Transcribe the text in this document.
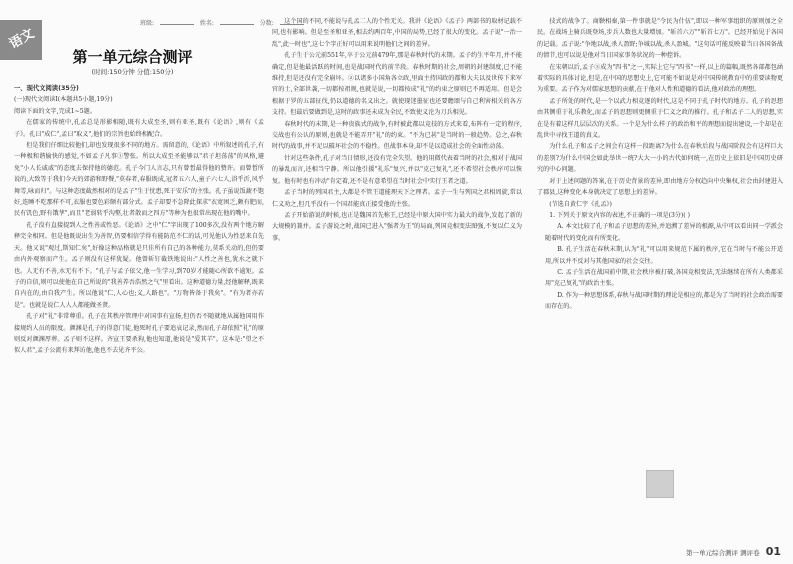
语文
班级:	姓名:	分数:
第一单元综合测评
(时间:150分钟 分值:150分)

一、现代文阅读(35分)

(一)现代文阅读Ⅰ(本题共5小题,19分)

阅读下面的文字,完成1~5题。

在儒家的传统中,孔孟总是形影相随,既有大成至圣,则有亚圣,既有《论语》,则有《孟子》。孔曰"成仁",孟曰"取义",他们的宗旨也始终相配合。

但是我们仔细比较他们,却也发现很多不同的地方。需留意的,《论语》中所叙述的孔子,有一种极和谐愉快的感觉,不如孟子凡事①警张。所以大成至圣能够以"君子坦荡荡"的风格,避免"小人长戚戚"的态度去保持他的德范。孔子今门人言志,只有曾皙最得他的赞许。而曾皙所说的,大致等于我们今天的郊游和野餐,"莫春者,春服既成,冠者五六人,童子六七人,浴乎沂,风乎舞雩,咏而归"。与这种态度截然相对的是孟子"生于忧患,死于安乐"的主张。孔子虽说饭蔬不饱好,连睡不吃那样不可,衣服也要色彩颇有部分式。孟子却要不急降此探求"衣宽困乏,颇有肥而,民有饥色,野有饿莩",而且"老弱转乎沟壑,壮者散而之四方"等种为也很常出现在他的嘴中。

孔子没有直接提到人之性善或性恶。《论语》之中"仁"字出现了100多次,没有两个地方解释完全相同。但是他既说出生为善智,仍要相信学得有能防范不仁的话,可见他认为性恶来自先天。他又说"观过,斯知仁矣",好像这种品格就是只佳所有自己的各种能力,莫系关动的,但仍要由内外观察而产生。孟子则没有这样犹疑。他曾斩钉截铁地说出:"人性之善也,犹水之就下也。人无有不善,水无有不下。"孔子与孟子依父,他一生学习,到70岁才能随心所欲不逾矩。孟子的自信,则可以使他在自己所说的"我善养吾浩然之气"里看出。这种道德力量,经他解释,既来自内在的,由自我产生。所以他说"仁,人心也;义,人路也"。"万物皆备于我矣"。"有为者亦若是"。也就是说仁人人人都能做圣贤。

孔子对"礼"非常尊重。孔子在其秩序管理中对国事有宣扬,但仍否不随就地从属他国用作接规约人员的限度。颜渊是孔子的得意门徒,他死时孔子要追哀记录,然而孔子却依照"礼"的原则反对颜渊厚葬。孟子则不这样。齐宣王要杀狗,他也知道,他说是"爱其羊"。这本是:"望之不似人君",孟子公流有来拜访他,他也不去见齐平公。

这个国的不同,不能说与孔孟二人的个性无关。我讲《论语》《孟子》两部书的取材记载不同,也有影响。但是至圣和亚圣,相去约两百年,中国的局势,已经了很大的变化。孟子说"一治一乱",此一时也",这七个字正好可以用来说明他们之间的差异。

孔子生于公元前551年,卒于公元前479年,那是春秋时代的末期。孟子约生平年月,并不能确定,但是他最活跃的时间,也是战国时代的前半段。春秋时期的社会,周朝的封建制度,已不能维持,但是还没有完全崩坏。②以诸多小国角各立政,里面主持国政的都和大夫以及世传下来军官的士,全部世袭,一切都按祖规,也就是说,一切都按成"礼"的约束之原则已不再适用。但是会根据于罗的五部征伐,仍以道德的名义出之。就使现迷墨征也还要瞻颂与自己利害相关的各方支持。但最后要做到是,这时的政事还未成为全民,不致使义沦为刀兵相见。

春秋时代的末期,是一种贵族式的战争,有时被此都以竞技的方式来看,布阵有一定的程序,交战也有公认的原则,也就是不能弄开"礼"的约束。"不为已甚"是当时的一般趋势。总之,春秋时代的战事,并不足以破坏社会的不稳性。但战事本身,却不是以造成社会的全面性动荡。

针对这些条件,孔子对当日情形,还没有完全失望。他的用微代表着当时的社会,相对于战国的暴乱而言,还相当宁静。所以他引援"礼乐"复兴,并以"克己复礼",还不希望社会秩序可以恢复。他有时也有冲动"肯定着,还不是有意希望在当时社会中实行王者之道。

孟子当时的列国君主,大都是不管王道能理天下之理者。孟子一生与列国之君相周旋,常以仁义劝之,但几乎没有一个国君能真正接受他的主张。

孟子开始游说的时候,也正是魏国首先称王,已经是中原大国中实力最大的战争,发起了新的大规模的兼并。孟子游说之时,战国已进入"强者为王"的局面,列国竞相变法图强,不复以仁义为事。

技式的战争了。商鞅相秦,第一件事就是"令民为什伍",即以一种军事组织的原则加之全民。在战场上骑兵既登场,步兵人数也大量增加。"斩首六万""斩首七万"。已经开始见于各国的记载。孟子说:"争地以战,杀人盈野;争城以战,杀人盈城。"这句话可能反映着当日各国备战的情节,也可以说是他对当日国家事务状况的一种控诉。

在宋朝以后,孟子③成为"四书"之一,实际上它与"四书"一样,以上的篇幅,既然各部都包涵着实际的具体讨论,但是,在中国的思想史上,它可能不如说是对中国传统教育中的重要读物更为重要。孟子作为对儒家思想的贡献,在于他对人性和道德的看法,他对政治的理想。

孟子所处的时代,是一个以武力相竞逐的时代,这是不同于孔子时代的地方。孔子的思想由其侧重于礼乐教化,而孟子的思想则更侧重于仁义之政的推行。孔子和孟子二人的思想,实在是有着这样几层层次的关系。一个是为什么样子的政治和平的理想而提出建设,一个却是在乱世中寻找王道的真义。

为什么孔子和孟子之间会有这样一段距离?为什么在春秋后段与战国阶段会有这样巨大的差别?为什么中国会如此举世一统?大大一小的古代如何统一,在历史上依旧是中国历史研究的中心问题。

对于上述问题的答案,在于历史背景的差异,即由地方分权趋向中央集权,社会由封建进入了郡县,这种变化本身就决定了思想上的差异。

(节选自黄仁宇《孔孟》)

1. 下列关于原文内容的表述,不正确的一项是(3分)( )

A. 本文比较了孔子和孟子思想的差异,并追溯了差异的根源,从中可以看出同一学派会随着时代的变化而有所变化。

B. 孔子生活在春秋末期,认为"礼"可以用来规范下属的秩序,它在当时与不能公开适用,所以并不反对与其他国家的社会交往。

C. 孟子生活在战国前中期,社会秩序被打破,各国竞相变法,无法继续在所有人类都采用"克己复礼"的政治主张。

D. 作为一种思想体系,春秋与战国时期的理论是相应的,都是为了当时的社会政治需要而存在的。

第一单元综合测评 测评卷 01
